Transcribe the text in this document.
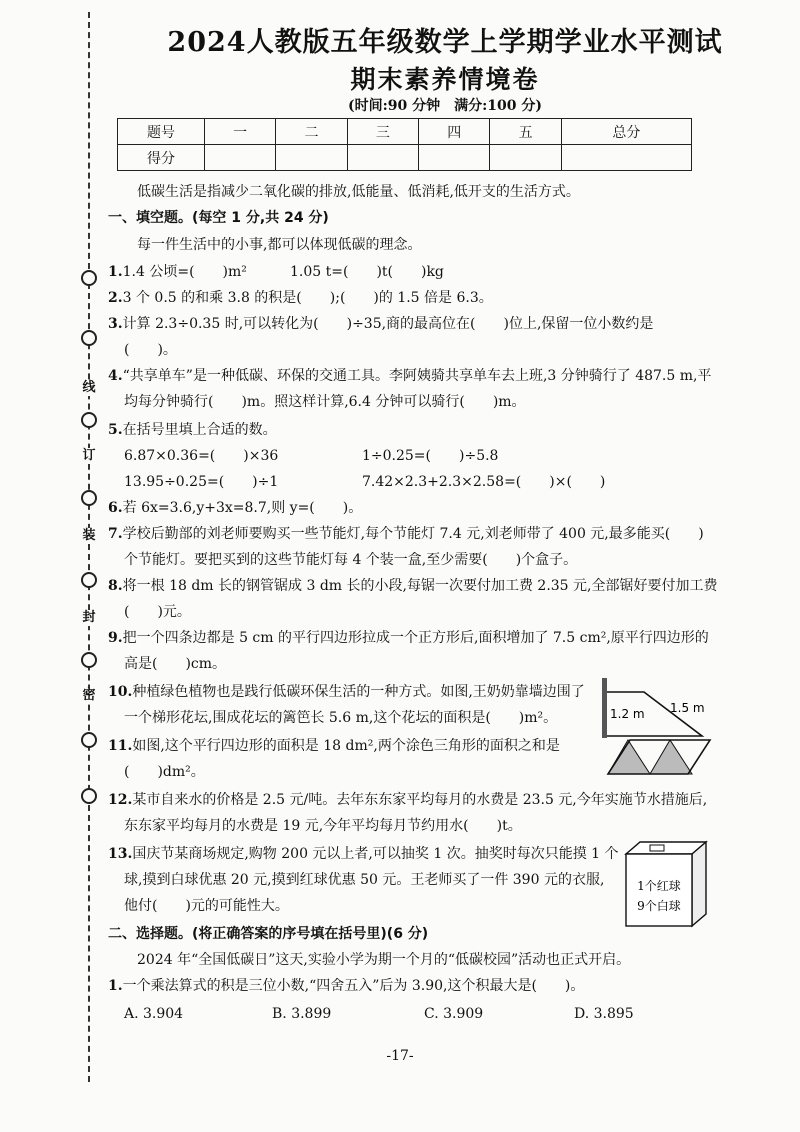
线
订
装
封
密
2024人教版五年级数学上学期学业水平测试
期末素养情境卷
(时间:90 分钟　满分:100 分)
题号	一	二	三	四	五	总分
得分						
低碳生活是指减少二氧化碳的排放,低能量、低消耗,低开支的生活方式。
一、填空题。(每空 1 分,共 24 分)
每一件生活中的小事,都可以体现低碳的理念。
1.1.4 公顷=(　　)m²	1.05 t=(　　)t(　　)kg
2.3 个 0.5 的和乘 3.8 的积是(　　);(　　)的 1.5 倍是 6.3。
3.计算 2.3÷0.35 时,可以转化为(　　)÷35,商的最高位在(　　)位上,保留一位小数约是
(　　)。
4.“共享单车”是一种低碳、环保的交通工具。李阿姨骑共享单车去上班,3 分钟骑行了 487.5 m,平
均每分钟骑行(　　)m。照这样计算,6.4 分钟可以骑行(　　)m。
5.在括号里填上合适的数。
6.87×0.36=(　　)×36	1÷0.25=(　　)÷5.8
13.95÷0.25=(　　)÷1	7.42×2.3+2.3×2.58=(　　)×(　　)
6.若 6x=3.6,y+3x=8.7,则 y=(　　)。
7.学校后勤部的刘老师要购买一些节能灯,每个节能灯 7.4 元,刘老师带了 400 元,最多能买(　　)
个节能灯。要把买到的这些节能灯每 4 个装一盒,至少需要(　　)个盒子。
8.将一根 18 dm 长的钢管锯成 3 dm 长的小段,每锯一次要付加工费 2.35 元,全部锯好要付加工费
(　　)元。
9.把一个四条边都是 5 cm 的平行四边形拉成一个正方形后,面积增加了 7.5 cm²,原平行四边形的
高是(　　)cm。
10.种植绿色植物也是践行低碳环保生活的一种方式。如图,王奶奶靠墙边围了
一个梯形花坛,围成花坛的篱笆长 5.6 m,这个花坛的面积是(　　)m²。	1.2 m 1.5 m
11.如图,这个平行四边形的面积是 18 dm²,两个涂色三角形的面积之和是
(　　)dm²。
12.某市自来水的价格是 2.5 元/吨。去年东东家平均每月的水费是 23.5 元,今年实施节水措施后,
东东家平均每月的水费是 19 元,今年平均每月节约用水(　　)t。
13.国庆节某商场规定,购物 200 元以上者,可以抽奖 1 次。抽奖时每次只能摸 1 个
球,摸到白球优惠 20 元,摸到红球优惠 50 元。王老师买了一件 390 元的衣服,
他付(　　)元的可能性大。
1个红球
9个白球
二、选择题。(将正确答案的序号填在括号里)(6 分)
2024 年“全国低碳日”这天,实验小学为期一个月的“低碳校园”活动也正式开启。
1.一个乘法算式的积是三位小数,“四舍五入”后为 3.90,这个积最大是(　　)。
A. 3.904	B. 3.899	C. 3.909	D. 3.895
-17-
